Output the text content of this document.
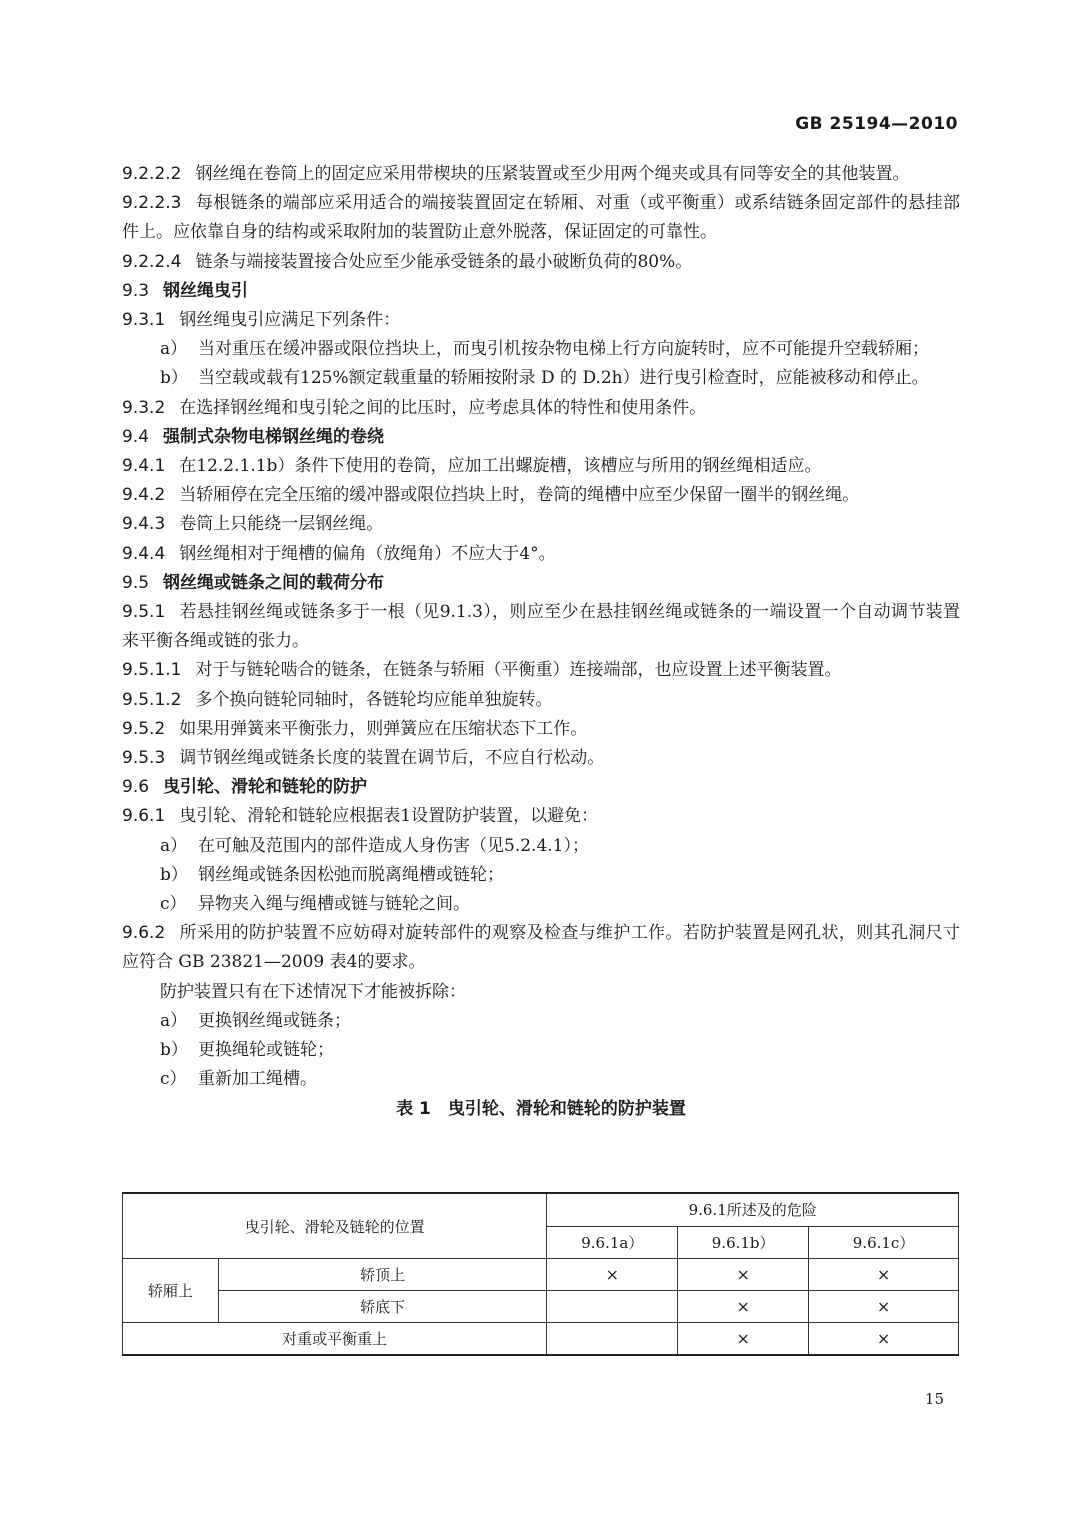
GB 25194—2010

9.2.2.2 钢丝绳在卷筒上的固定应采用带楔块的压紧装置或至少用两个绳夹或具有同等安全的其他装置。

9.2.2.3 每根链条的端部应采用适合的端接装置固定在轿厢、对重（或平衡重）或系结链条固定部件的悬挂部件上。应依靠自身的结构或采取附加的装置防止意外脱落，保证固定的可靠性。

9.2.2.4 链条与端接装置接合处应至少能承受链条的最小破断负荷的80%。

9.3 钢丝绳曳引

9.3.1 钢丝绳曳引应满足下列条件：

a） 当对重压在缓冲器或限位挡块上，而曳引机按杂物电梯上行方向旋转时，应不可能提升空载轿厢；

b） 当空载或载有125%额定载重量的轿厢按附录 D 的 D.2h）进行曳引检查时，应能被移动和停止。

9.3.2 在选择钢丝绳和曳引轮之间的比压时，应考虑具体的特性和使用条件。

9.4 强制式杂物电梯钢丝绳的卷绕

9.4.1 在12.2.1.1b）条件下使用的卷筒，应加工出螺旋槽，该槽应与所用的钢丝绳相适应。

9.4.2 当轿厢停在完全压缩的缓冲器或限位挡块上时，卷筒的绳槽中应至少保留一圈半的钢丝绳。

9.4.3 卷筒上只能绕一层钢丝绳。

9.4.4 钢丝绳相对于绳槽的偏角（放绳角）不应大于4°。

9.5 钢丝绳或链条之间的载荷分布

9.5.1 若悬挂钢丝绳或链条多于一根（见9.1.3），则应至少在悬挂钢丝绳或链条的一端设置一个自动调节装置来平衡各绳或链的张力。

9.5.1.1 对于与链轮啮合的链条，在链条与轿厢（平衡重）连接端部，也应设置上述平衡装置。

9.5.1.2 多个换向链轮同轴时，各链轮均应能单独旋转。

9.5.2 如果用弹簧来平衡张力，则弹簧应在压缩状态下工作。

9.5.3 调节钢丝绳或链条长度的装置在调节后，不应自行松动。

9.6 曳引轮、滑轮和链轮的防护

9.6.1 曳引轮、滑轮和链轮应根据表1设置防护装置，以避免：

a） 在可触及范围内的部件造成人身伤害（见5.2.4.1）；

b） 钢丝绳或链条因松弛而脱离绳槽或链轮；

c） 异物夹入绳与绳槽或链与链轮之间。

9.6.2 所采用的防护装置不应妨碍对旋转部件的观察及检查与维护工作。若防护装置是网孔状，则其孔洞尺寸应符合 GB 23821—2009 表4的要求。

防护装置只有在下述情况下才能被拆除：

a） 更换钢丝绳或链条；

b） 更换绳轮或链轮；

c） 重新加工绳槽。

表 1　曳引轮、滑轮和链轮的防护装置

曳引轮、滑轮及链轮的位置		9.6.1所述及的危险		
		9.6.1a）	9.6.1b）	9.6.1c）
轿厢上	轿顶上	×	×	×
	轿底下		×	×
对重或平衡重上			×	×
15
